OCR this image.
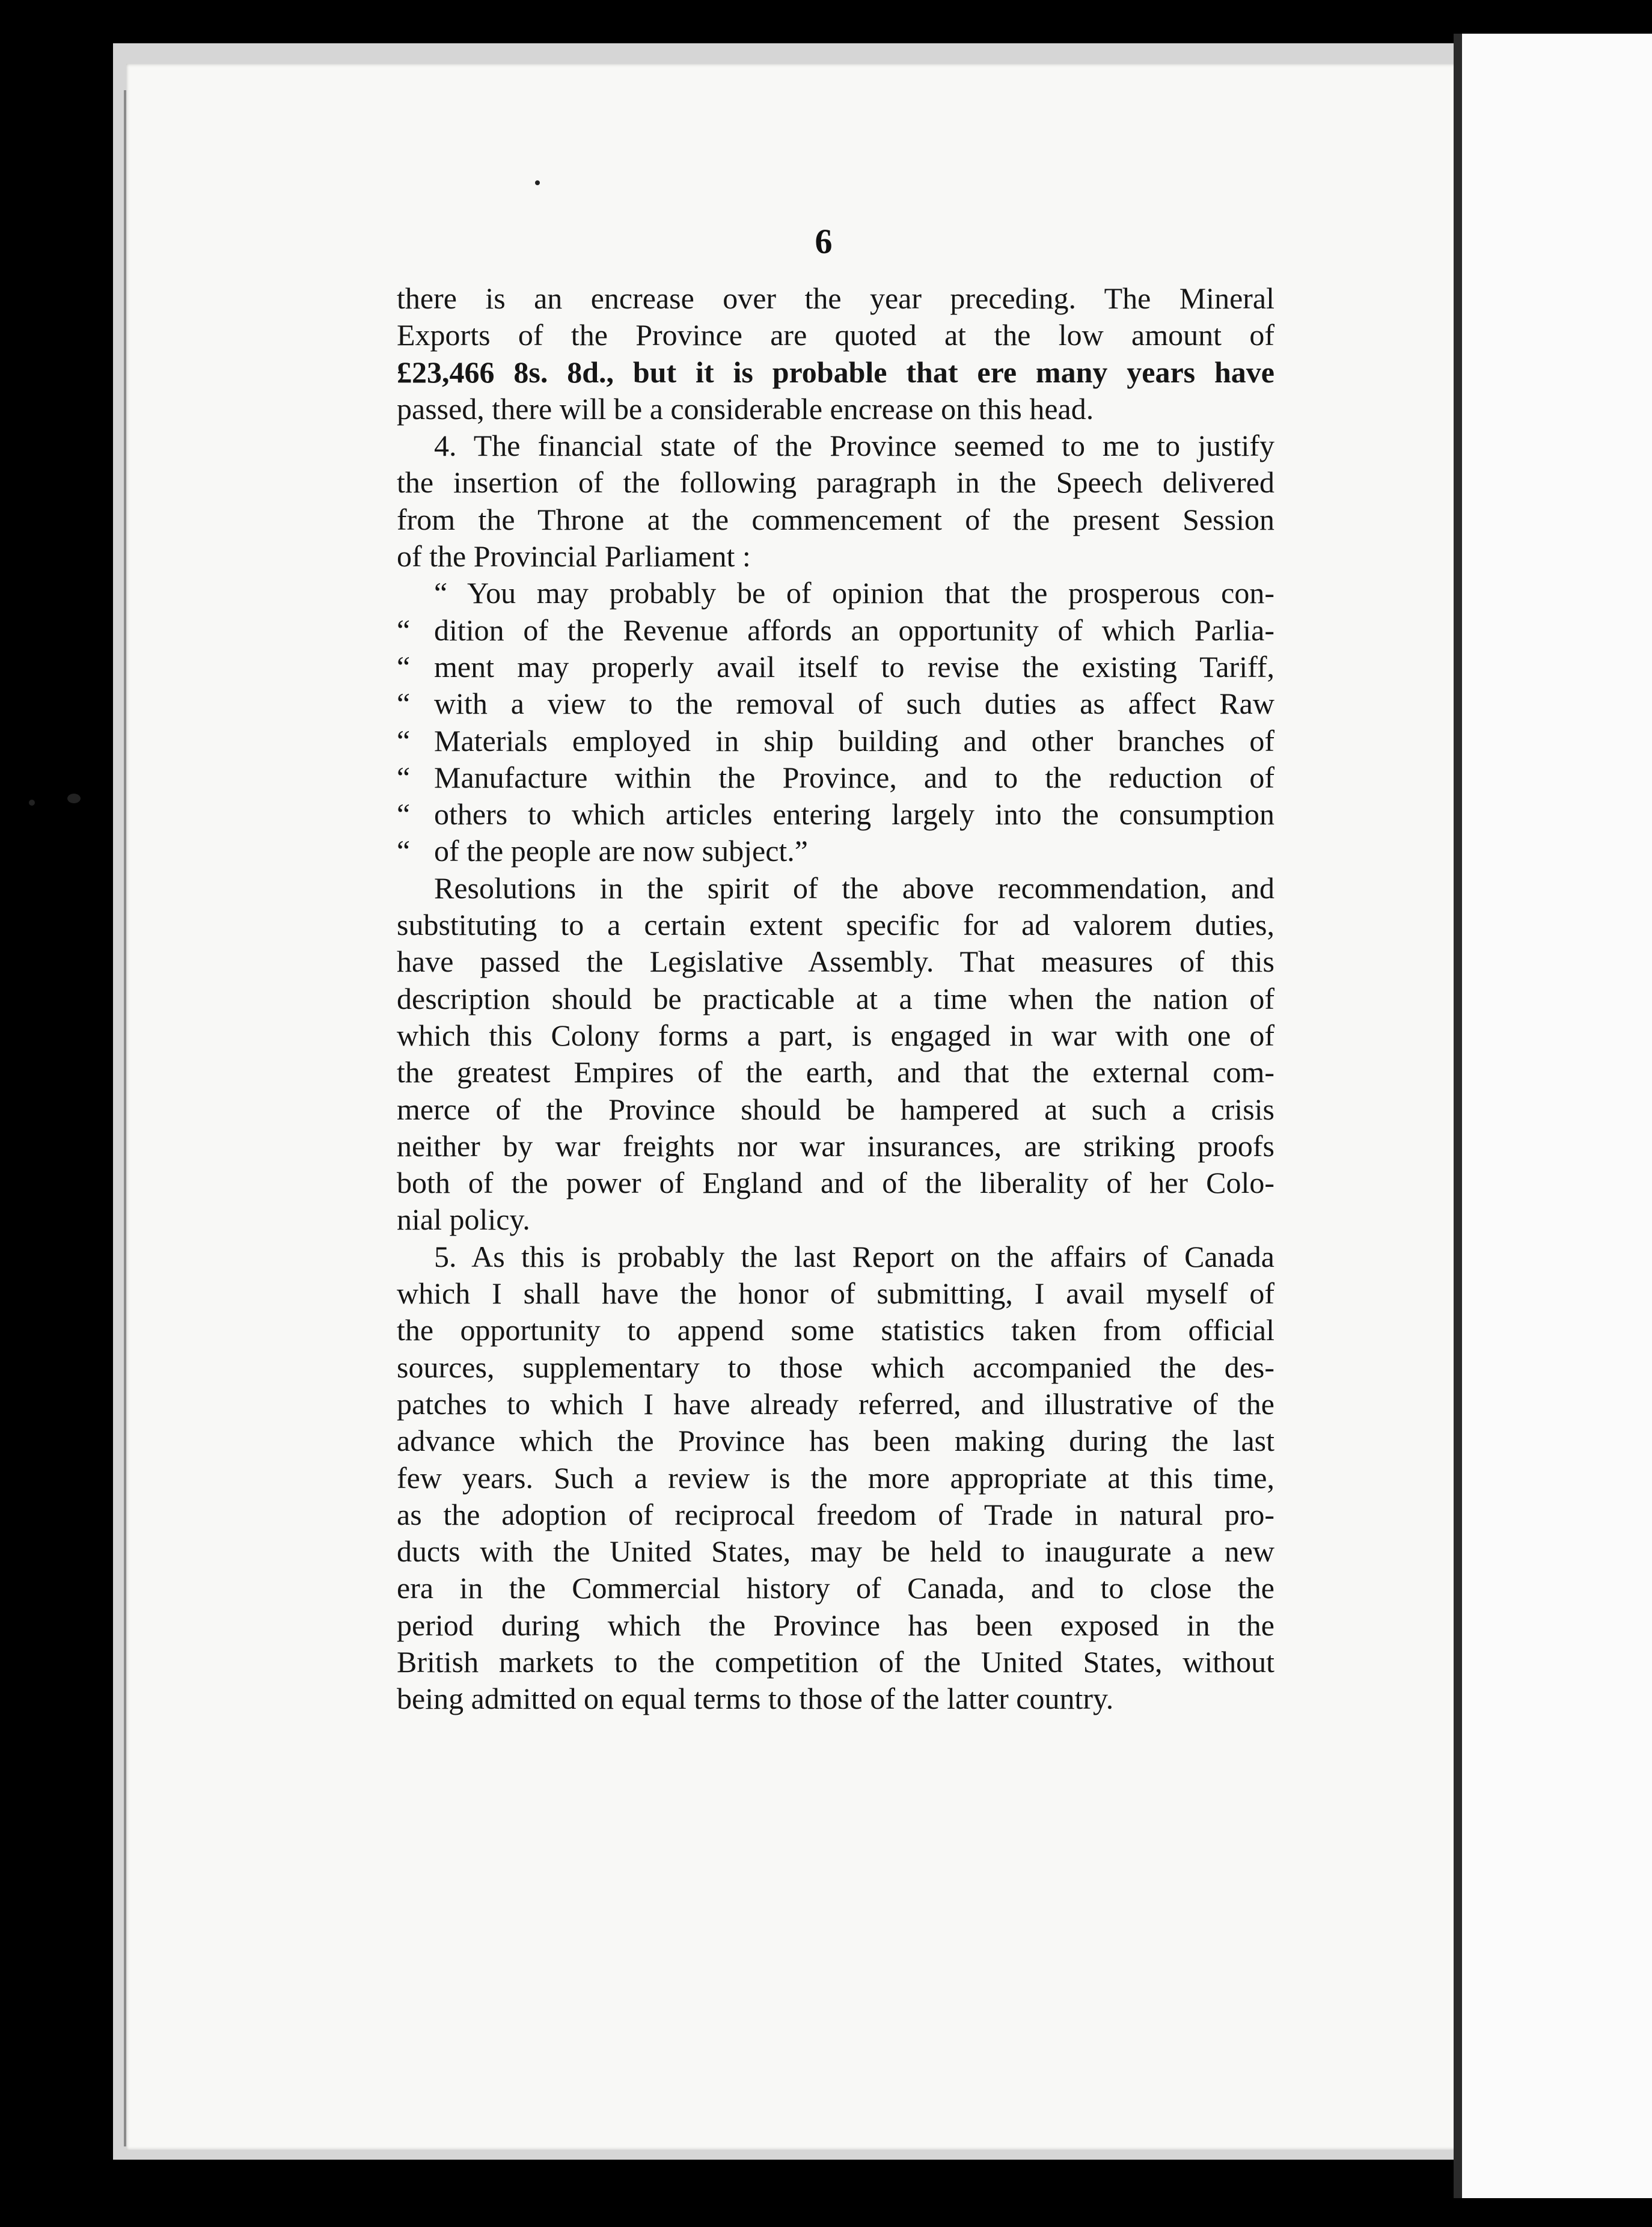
6

there is an encrease over the year preceding. The Mineral

Exports of the Province are quoted at the low amount of

£23,466 8s. 8d., but it is probable that ere many years have

passed, there will be a considerable encrease on this head.

4. The financial state of the Province seemed to me to justify

the insertion of the following paragraph in the Speech delivered

from the Throne at the commencement of the present Session

of the Provincial Parliament :

“ You may probably be of opinion that the prosperous con-
“ dition of the Revenue affords an opportunity of which Parlia-
“ ment may properly avail itself to revise the existing Tariff,
“ with a view to the removal of such duties as affect Raw
“ Materials employed in ship building and other branches of
“ Manufacture within the Province, and to the reduction of
“ others to which articles entering largely into the consumption
“ of the people are now subject.”

Resolutions in the spirit of the above recommendation, and

substituting to a certain extent specific for ad valorem duties,

have passed the Legislative Assembly. That measures of this

description should be practicable at a time when the nation of

which this Colony forms a part, is engaged in war with one of

the greatest Empires of the earth, and that the external com-

merce of the Province should be hampered at such a crisis

neither by war freights nor war insurances, are striking proofs

both of the power of England and of the liberality of her Colo-

nial policy.

5. As this is probably the last Report on the affairs of Canada

which I shall have the honor of submitting, I avail myself of

the opportunity to append some statistics taken from official

sources, supplementary to those which accompanied the des-

patches to which I have already referred, and illustrative of the

advance which the Province has been making during the last

few years. Such a review is the more appropriate at this time,

as the adoption of reciprocal freedom of Trade in natural pro-

ducts with the United States, may be held to inaugurate a new

era in the Commercial history of Canada, and to close the

period during which the Province has been exposed in the

British markets to the competition of the United States, without

being admitted on equal terms to those of the latter country.
